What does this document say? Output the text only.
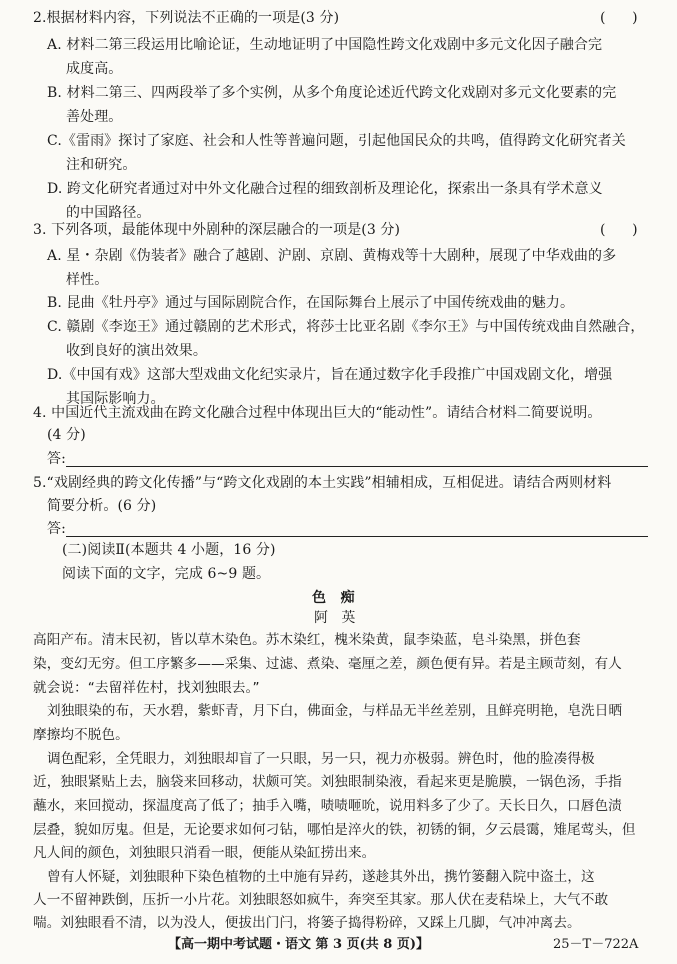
2.根据材料内容，下列说法不正确的一项是(3 分)	(      )
A. 材料二第三段运用比喻论证，生动地证明了中国隐性跨文化戏剧中多元文化因子融合完
成度高。
B. 材料二第三、四两段举了多个实例，从多个角度论述近代跨文化戏剧对多元文化要素的完
善处理。
C.《雷雨》探讨了家庭、社会和人性等普遍问题，引起他国民众的共鸣，值得跨文化研究者关
注和研究。
D. 跨文化研究者通过对中外文化融合过程的细致剖析及理论化，探索出一条具有学术意义
的中国路径。
3. 下列各项，最能体现中外剧种的深层融合的一项是(3 分)	(      )
A. 星・杂剧《伪装者》融合了越剧、沪剧、京剧、黄梅戏等十大剧种，展现了中华戏曲的多
样性。
B. 昆曲《牡丹亭》通过与国际剧院合作，在国际舞台上展示了中国传统戏曲的魅力。
C. 赣剧《李迩王》通过赣剧的艺术形式，将莎士比亚名剧《李尔王》与中国传统戏曲自然融合，
收到良好的演出效果。
D.《中国有戏》这部大型戏曲文化纪实录片，旨在通过数字化手段推广中国戏剧文化，增强
其国际影响力。
4. 中国近代主流戏曲在跨文化融合过程中体现出巨大的“能动性”。请结合材料二简要说明。
(4 分)
答:
5.“戏剧经典的跨文化传播”与“跨文化戏剧的本土实践”相辅相成，互相促进。请结合两则材料
简要分析。(6 分)
答:
(二)阅读Ⅱ(本题共 4 小题，16 分)
阅读下面的文字，完成 6~9 题。
色   痴
阿   英
高阳产布。清末民初，皆以草木染色。苏木染红，槐米染黄，鼠李染蓝，皂斗染黑，拼色套
染，变幻无穷。但工序繁多——采集、过滤、煮染、毫厘之差，颜色便有异。若是主顾苛刻，有人
就会说：“去留祥佐村，找刘独眼去。”
刘独眼染的布，天水碧，紫虾青，月下白，佛面金，与样品无半丝差别，且鲜亮明艳，皂洗日晒
摩擦均不脱色。
调色配彩，全凭眼力，刘独眼却盲了一只眼，另一只，视力亦极弱。辨色时，他的脸凑得极
近，独眼紧贴上去，脑袋来回移动，状颇可笑。刘独眼制染液，看起来更是脆膜，一锅色汤，手指
蘸水，来回搅动，探温度高了低了；抽手入嘴，啧啧咂吮，说用料多了少了。天长日久，口唇色渍
层叠，貌如厉鬼。但是，无论要求如何刁钻，哪怕是淬火的铁，初锈的铜，夕云晨霭，雉尾莺头，但
凡人间的颜色，刘独眼只消看一眼，便能从染缸捞出来。
曾有人怀疑，刘独眼种下染色植物的土中施有异药，遂趁其外出，携竹篓翻入院中盗土，这
人一不留神跌倒，压折一小片花。刘独眼怒如疯牛，奔突至其家。那人伏在麦秸垛上，大气不敢
喘。刘独眼看不清，以为没人，便拔出门闩，将篓子捣得粉碎，又踩上几脚，气冲冲离去。
【高一期中考试题・语文 第 3 页(共 8 页)】	25－T－722A
